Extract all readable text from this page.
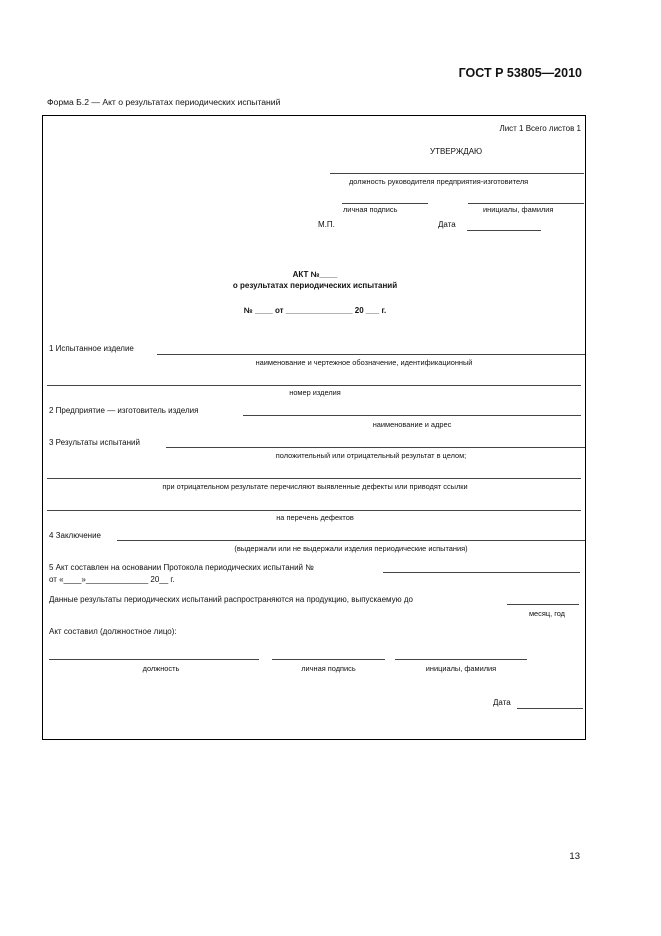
ГОСТ Р 53805—2010
Форма Б.2 — Акт о результатах периодических испытаний
Лист 1 Всего листов 1
УТВЕРЖДАЮ
должность руководителя предприятия-изготовителя
личная подпись	инициалы, фамилия
М.П.	Дата
АКТ №____
о результатах периодических испытаний
№ ____ от _______________ 20 ___ г.
1 Испытанное изделие
наименование и чертежное обозначение, идентификационный
номер изделия
2 Предприятие — изготовитель изделия
наименование и адрес
3 Результаты испытаний
положительный или отрицательный результат в целом;
при отрицательном результате перечисляют выявленные дефекты или приводят ссылки
на перечень дефектов
4 Заключение
(выдержали или не выдержали изделия периодические испытания)
5 Акт составлен на основании Протокола периодических испытаний №
от «____»______________ 20__ г.
Данные результаты периодических испытаний распространяются на продукцию, выпускаемую до
месяц, год
Акт составил (должностное лицо):
должность	личная подпись	инициалы, фамилия
Дата
13
